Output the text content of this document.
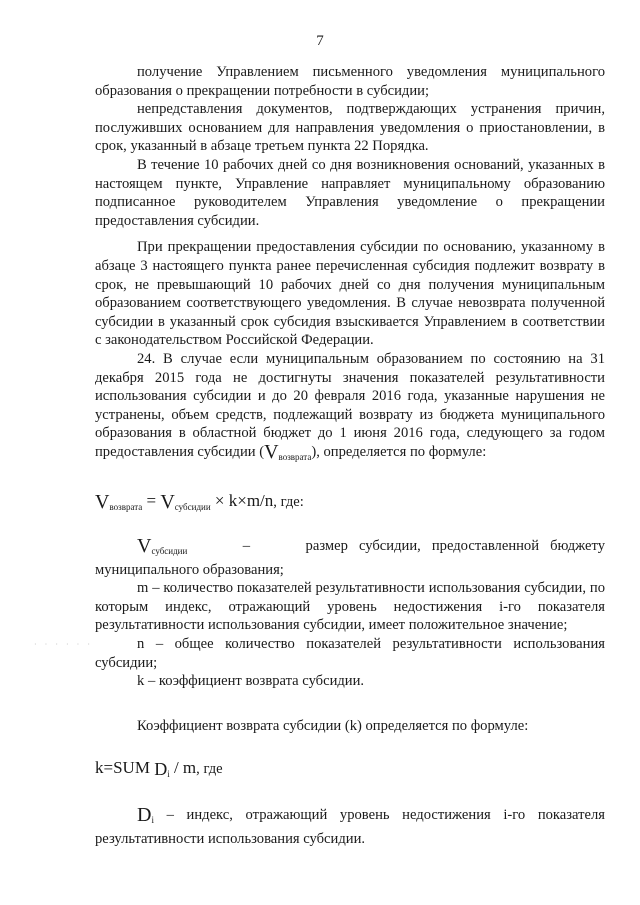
7

получение Управлением письменного уведомления муниципального образования о прекращении потребности в субсидии;

непредставления документов, подтверждающих устранения причин, послуживших основанием для направления уведомления о приостановлении, в срок, указанный в абзаце третьем пункта 22 Порядка.

В течение 10 рабочих дней со дня возникновения оснований, указанных в настоящем пункте, Управление направляет муниципальному образованию подписанное руководителем Управления уведомление о прекращении предоставления субсидии.

При прекращении предоставления субсидии по основанию, указанному в абзаце 3 настоящего пункта ранее перечисленная субсидия подлежит возврату в срок, не превышающий 10 рабочих дней со дня получения муниципальным образованием соответствующего уведомления. В случае невозврата полученной субсидии в указанный срок субсидия взыскивается Управлением в соответствии с законодательством Российской Федерации.

24. В случае если муниципальным образованием по состоянию на 31 декабря 2015 года не достигнуты значения показателей результативности использования субсидии и до 20 февраля 2016 года, указанные нарушения не устранены, объем средств, подлежащий возврату из бюджета муниципального образования в областной бюджет до 1 июня 2016 года, следующего за годом предоставления субсидии $(V_{возврата})$, определяется по формуле:

$V_{возврата} = V_{субсидии} \times k\times m/n$, где:

$V_{субсидии}$	–	размер субсидии, предоставленной бюджету муниципального образования;

m – количество показателей результативности использования субсидии, по которым индекс, отражающий уровень недостижения i-го показателя результативности использования субсидии, имеет положительное значение;

n – общее количество показателей результативности использования субсидии;

k – коэффициент возврата субсидии.

Коэффициент возврата субсидии (k) определяется по формуле:

k=SUM $D_i$ / m, где

$D_i$ – индекс, отражающий уровень недостижения i-го показателя результативности использования субсидии.

· · · · · ·
